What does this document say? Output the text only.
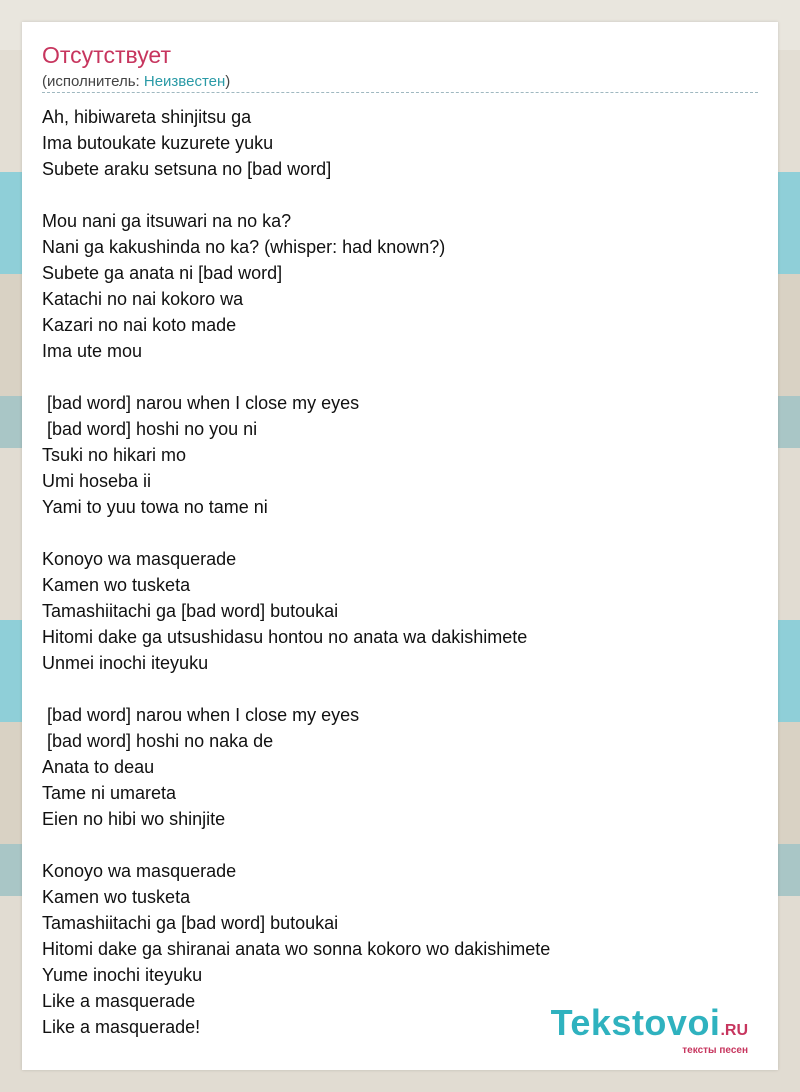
Отсутствует
(исполнитель: Неизвестен)
Ah, hibiwareta shinjitsu ga
Ima butoukate kuzurete yuku
Subete araku setsuna no [bad word]
Mou nani ga itsuwari na no ka?
Nani ga kakushinda no ka? (whisper: had known?)
Subete ga anata ni [bad word]
Katachi no nai kokoro wa
Kazari no nai koto made
Ima ute mou
[bad word] narou when I close my eyes
[bad word] hoshi no you ni
Tsuki no hikari mo
Umi hoseba ii
Yami to yuu towa no tame ni
Konoyo wa masquerade
Kamen wo tusketa
Tamashiitachi ga [bad word] butoukai
Hitomi dake ga utsushidasu hontou no anata wa dakishimete
Unmei inochi iteyuku
[bad word] narou when I close my eyes
[bad word] hoshi no naka de
Anata to deau
Tame ni umareta
Eien no hibi wo shinjite
Konoyo wa masquerade
Kamen wo tusketa
Tamashiitachi ga [bad word] butoukai
Hitomi dake ga shiranai anata wo sonna kokoro wo dakishimete
Yume inochi iteyuku
Like a masquerade
Like a masquerade!	Tekstovoi.RU
тексты песен
